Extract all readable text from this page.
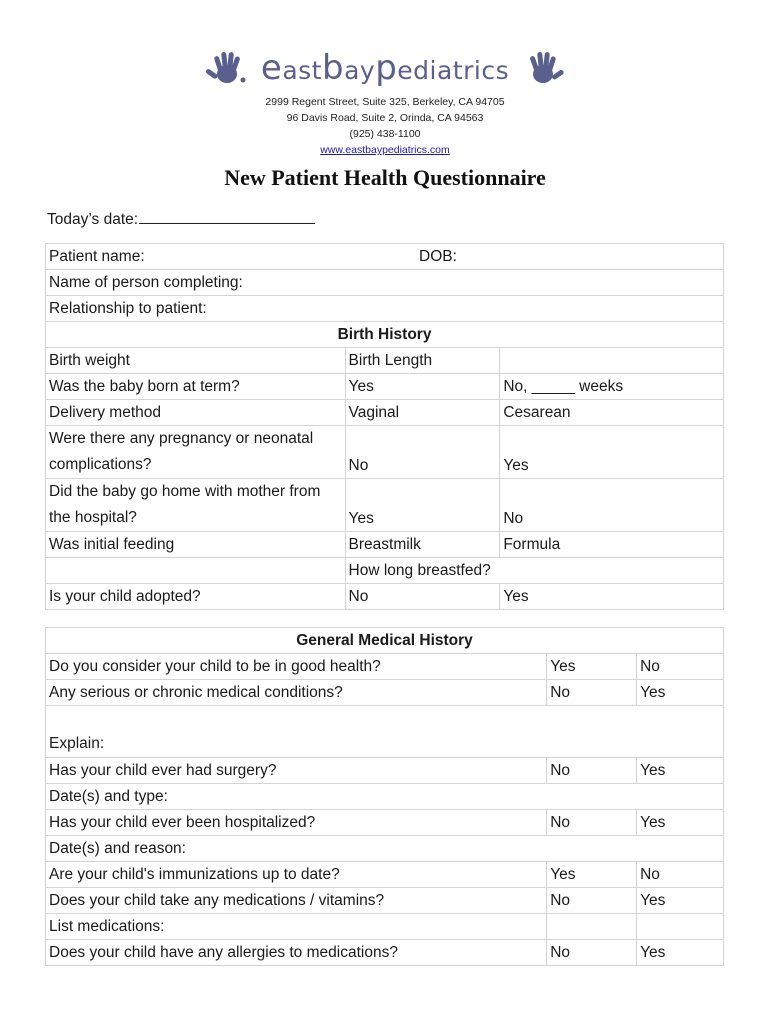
eastbaypediatrics
2999 Regent Street, Suite 325, Berkeley, CA 94705
96 Davis Road, Suite 2, Orinda, CA 94563
(925) 438-1100
www.eastbaypediatrics.com
New Patient Health Questionnaire
Today’s date:
Patient name: DOB:		

Name of person completing:		
Relationship to patient:		
Birth History		
Birth weight	Birth Length	
Was the baby born at term?	Yes	No, _____ weeks
Delivery method	Vaginal	Cesarean
Were there any pregnancy or neonatal complications?	No	Yes
Did the baby go home with mother from the hospital?	Yes	No
Was initial feeding	Breastmilk	Formula
	How long breastfed?	
Is your child adopted?	No	Yes
General Medical History		
Do you consider your child to be in good health?	Yes	No
Any serious or chronic medical conditions?	No	Yes
Explain:		
Has your child ever had surgery?	No	Yes
Date(s) and type:		
Has your child ever been hospitalized?	No	Yes
Date(s) and reason:		
Are your child's immunizations up to date?	Yes	No
Does your child take any medications / vitamins?	No	Yes
List medications:		
Does your child have any allergies to medications?	No	Yes
